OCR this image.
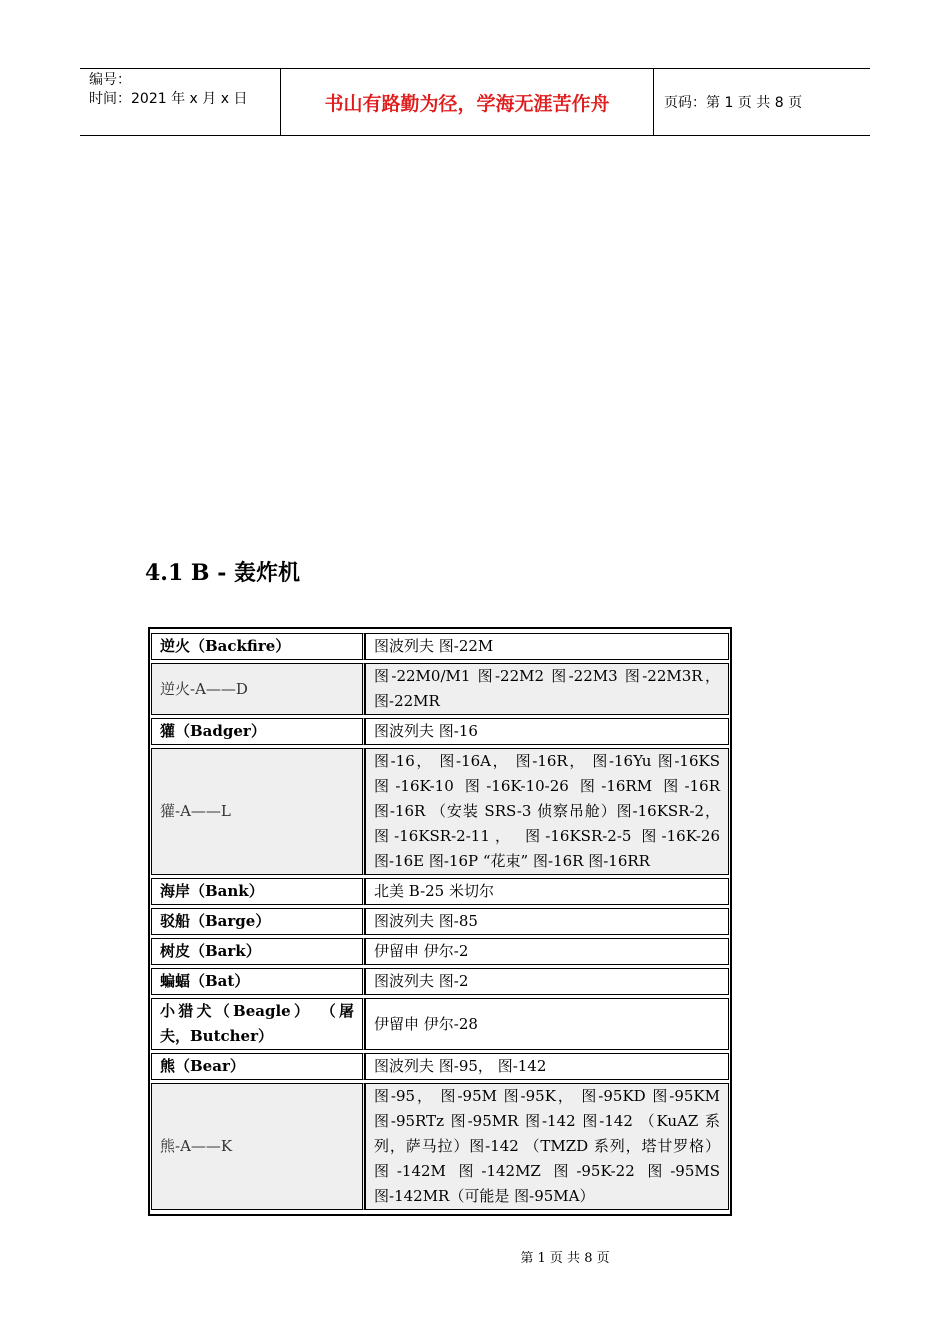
编号：
时间：2021 年 x 月 x 日	书山有路勤为径，学海无涯苦作舟	页码：第 1 页 共 8 页
4.1 B - 轰炸机
逆火（Backfire）	图波列夫 图-22M
逆火-A——D	图-22M0/M1 图-22M2 图-22M3 图-22M3R， 图-22MR
獾（Badger）	图波列夫 图-16
獾-A——L	图-16， 图-16A， 图-16R， 图-16Yu 图-16KS 图-16K-10 图-16K-10-26 图-16RM 图-16R 图-16R （安装 SRS-3 侦察吊舱）图-16KSR-2， 图-16KSR-2-11， 图-16KSR-2-5 图-16K-26 图-16E 图-16P “花束” 图-16R 图-16RR
海岸（Bank）	北美 B-25 米切尔
驳船（Barge）	图波列夫 图-85
树皮（Bark）	伊留申 伊尔-2
蝙蝠（Bat）	图波列夫 图-2
小猎犬（Beagle） （屠夫，Butcher）	伊留申 伊尔-28
熊（Bear）	图波列夫 图-95， 图-142
熊-A——K	图-95， 图-95M 图-95K， 图-95KD 图-95KM 图-95RTz 图-95MR 图-142 图-142 （KuAZ 系列，萨马拉）图-142 （TMZD 系列，塔甘罗格）图-142M 图-142MZ 图-95K-22 图-95MS 图-142MR（可能是 图-95MA）
第 1 页 共 8 页
